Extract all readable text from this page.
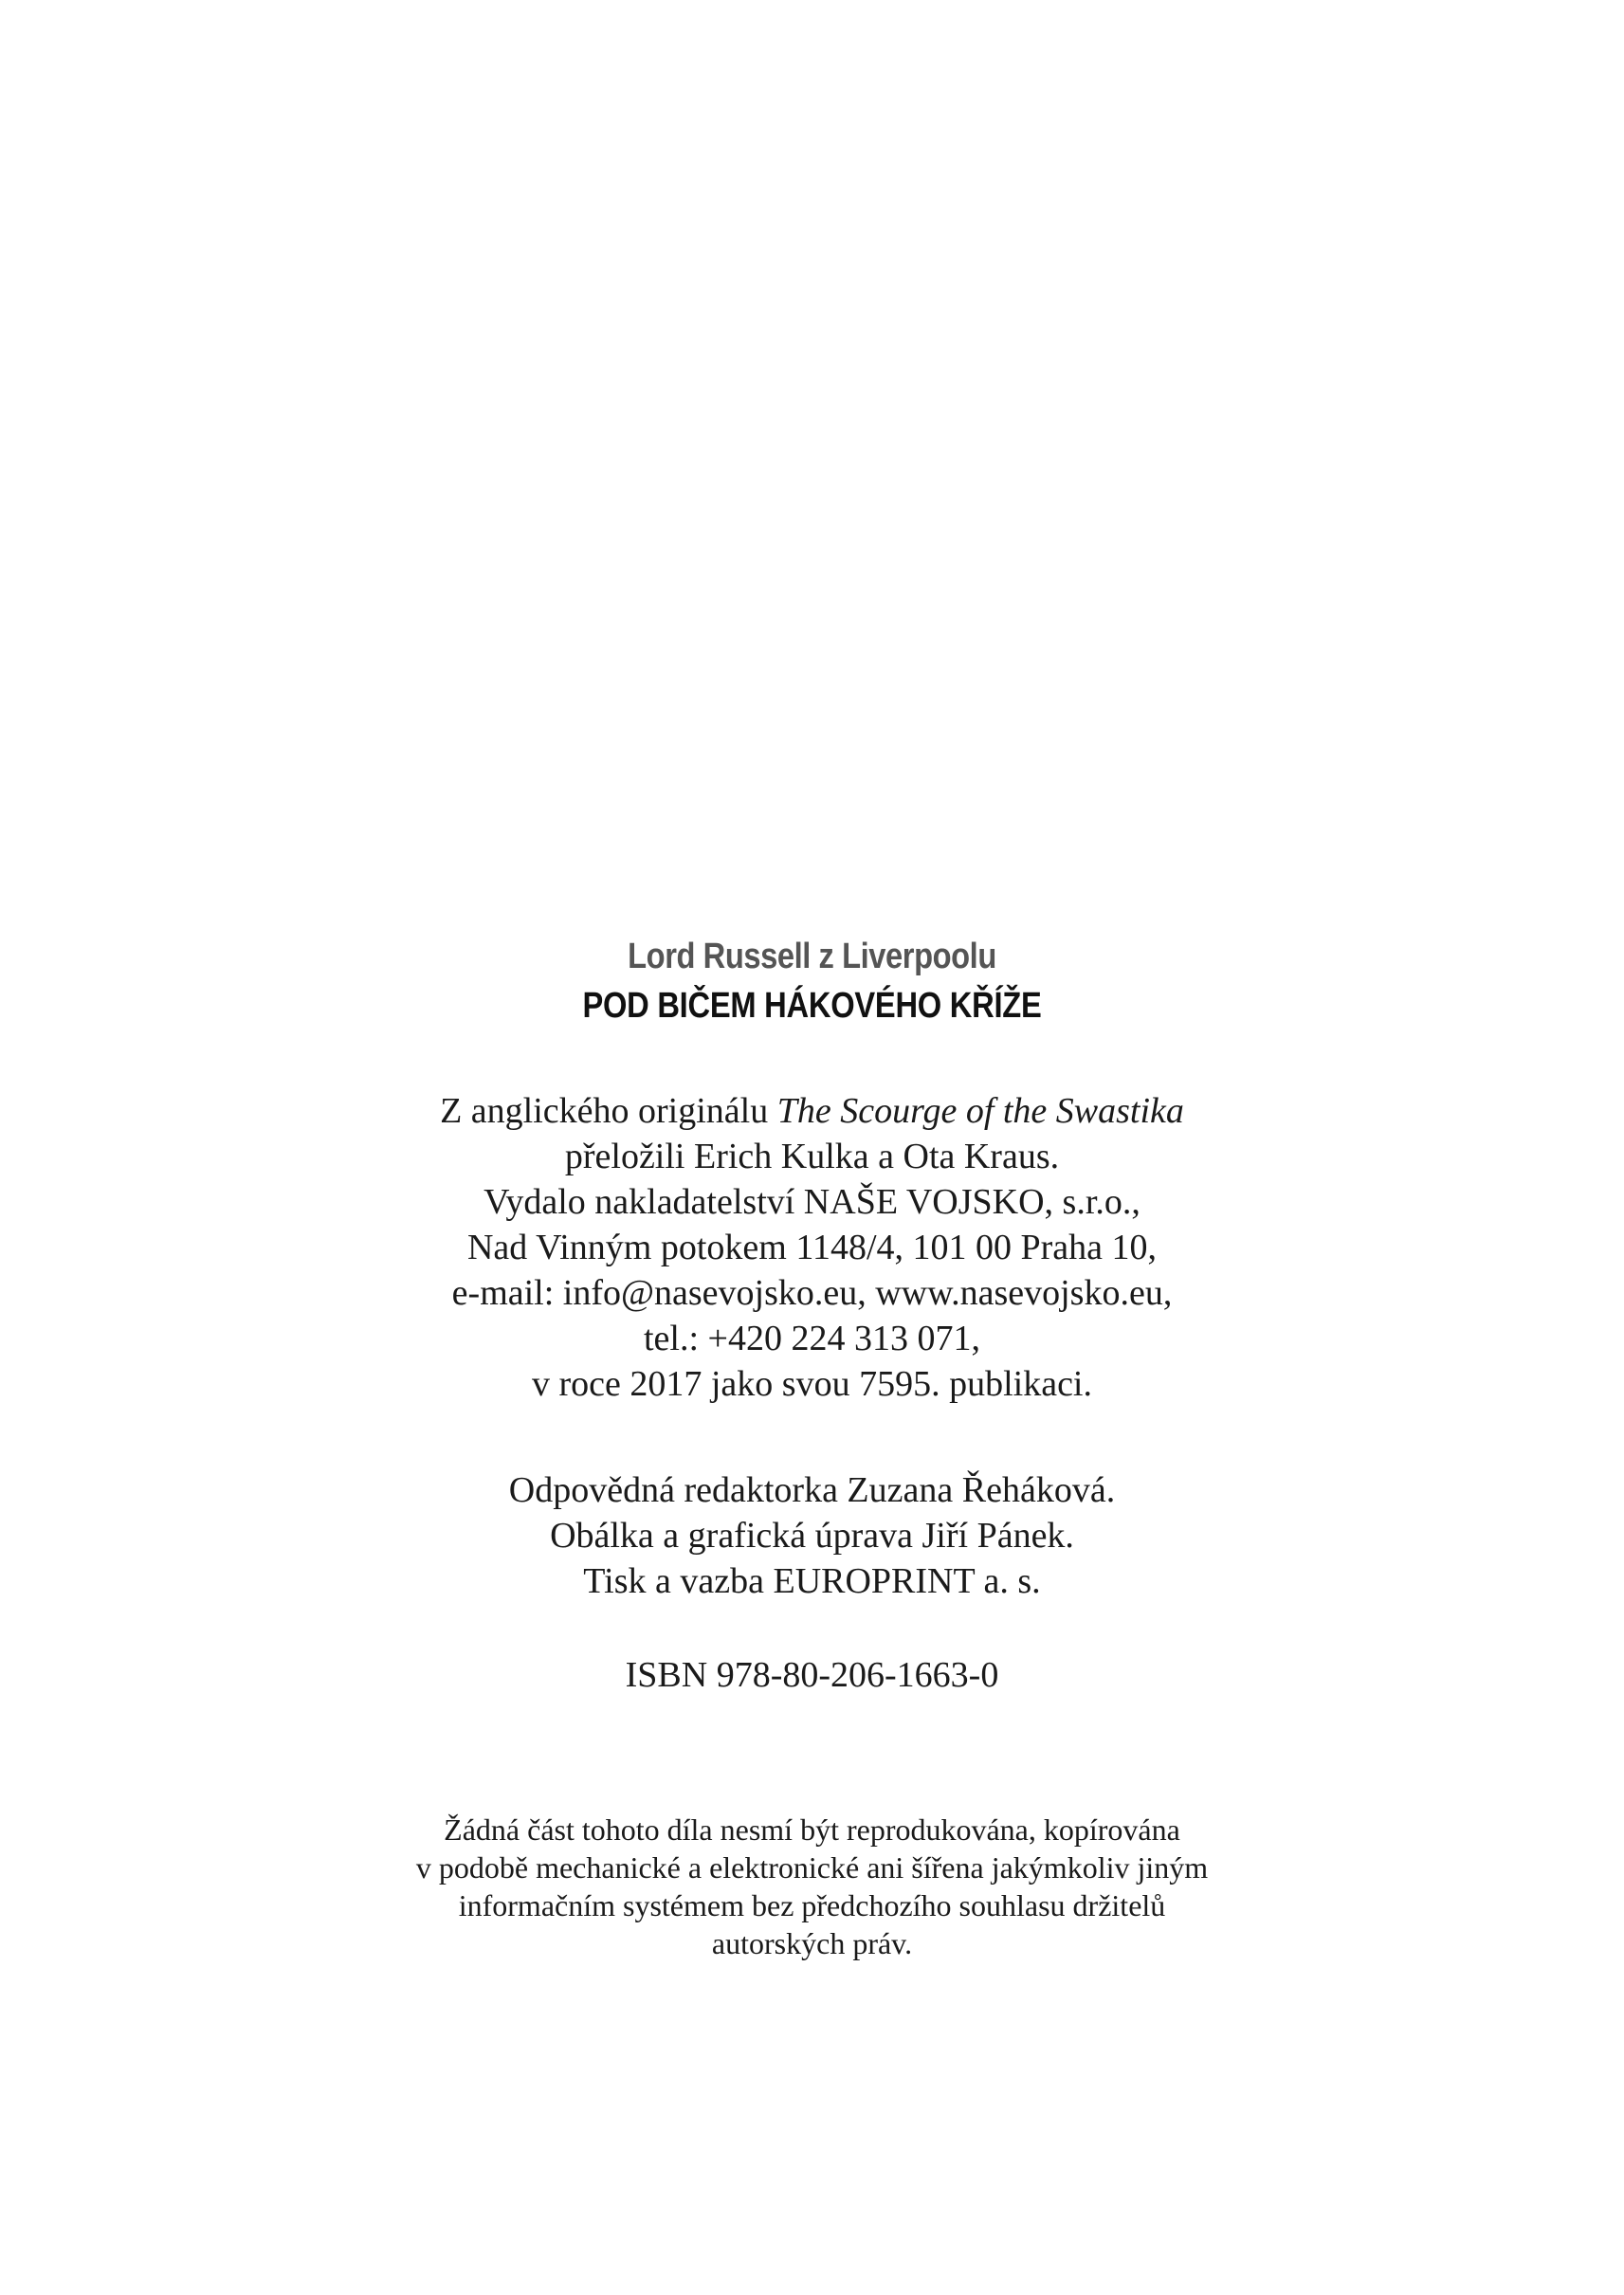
Lord Russell z Liverpoolu
POD BIČEM HÁKOVÉHO KŘÍŽE
Z anglického originálu The Scourge of the Swastika
přeložili Erich Kulka a Ota Kraus.
Vydalo nakladatelství NAŠE VOJSKO, s.r.o.,
Nad Vinným potokem 1148/4, 101 00 Praha 10,
e-mail: info@nasevojsko.eu, www.nasevojsko.eu,
tel.: +420 224 313 071,
v roce 2017 jako svou 7595. publikaci.
Odpovědná redaktorka Zuzana Řeháková.
Obálka a grafická úprava Jiří Pánek.
Tisk a vazba EUROPRINT a. s.
ISBN 978-80-206-1663-0
Žádná část tohoto díla nesmí být reprodukována, kopírována
v podobě mechanické a elektronické ani šířena jakýmkoliv jiným
informačním systémem bez předchozího souhlasu držitelů
autorských práv.
